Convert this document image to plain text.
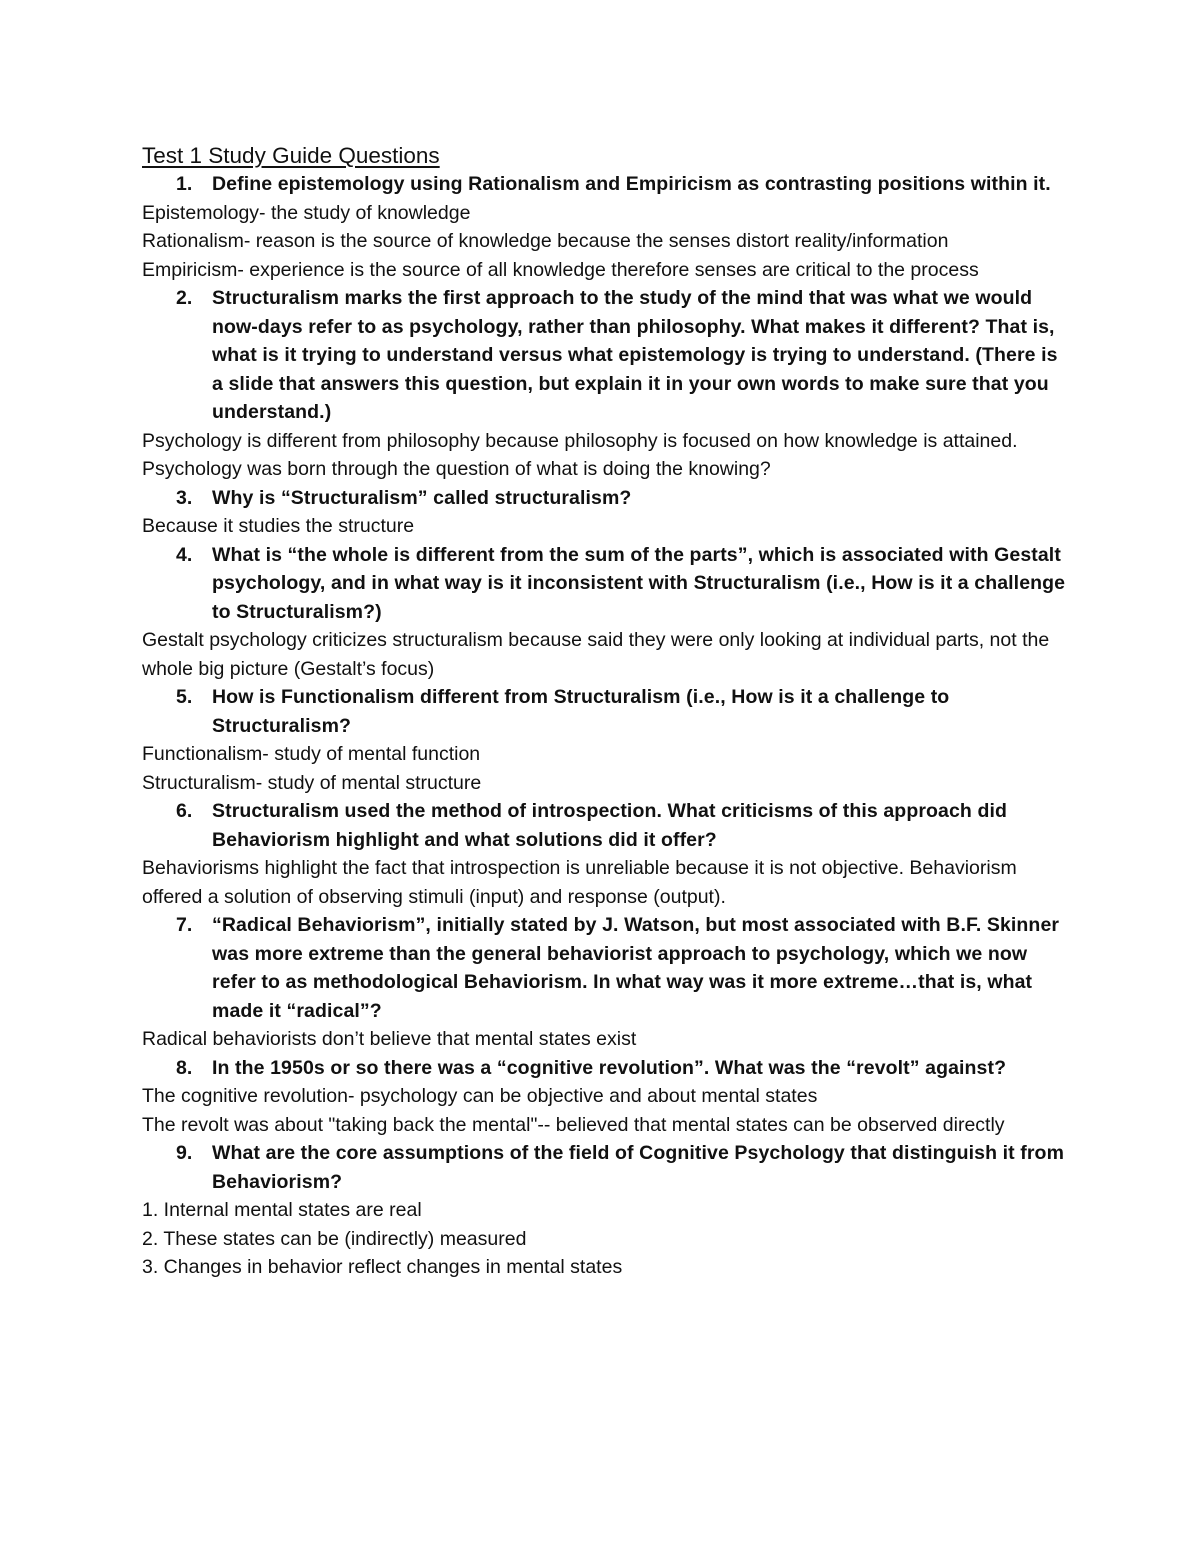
Test 1 Study Guide Questions
1.	Define epistemology using Rationalism and Empiricism as contrasting positions within it.
Epistemology- the study of knowledge
Rationalism- reason is the source of knowledge because the senses distort reality/information
Empiricism- experience is the source of all knowledge therefore senses are critical to the process
2.	Structuralism marks the first approach to the study of the mind that was what we would now-days refer to as psychology, rather than philosophy. What makes it different? That is, what is it trying to understand versus what epistemology is trying to understand. (There is a slide that answers this question, but explain it in your own words to make sure that you understand.)
Psychology is different from philosophy because philosophy is focused on how knowledge is attained. Psychology was born through the question of what is doing the knowing?
3.	Why is “Structuralism” called structuralism?
Because it studies the structure
4.	What is “the whole is different from the sum of the parts”, which is associated with Gestalt psychology, and in what way is it inconsistent with Structuralism (i.e., How is it a challenge to Structuralism?)
Gestalt psychology criticizes structuralism because said they were only looking at individual parts, not the whole big picture (Gestalt’s focus)
5.	How is Functionalism different from Structuralism (i.e., How is it a challenge to Structuralism?
Functionalism- study of mental function
Structuralism- study of mental structure
6.	Structuralism used the method of introspection. What criticisms of this approach did Behaviorism highlight and what solutions did it offer?
Behaviorisms highlight the fact that introspection is unreliable because it is not objective. Behaviorism offered a solution of observing stimuli (input) and response (output).
7.	“Radical Behaviorism”, initially stated by J. Watson, but most associated with B.F. Skinner was more extreme than the general behaviorist approach to psychology, which we now refer to as methodological Behaviorism. In what way was it more extreme…that is, what made it “radical”?
Radical behaviorists don’t believe that mental states exist
8.	In the 1950s or so there was a “cognitive revolution”. What was the “revolt” against?
The cognitive revolution- psychology can be objective and about mental states
The revolt was about "taking back the mental"-- believed that mental states can be observed directly
9.	What are the core assumptions of the field of Cognitive Psychology that distinguish it from Behaviorism?
1. Internal mental states are real
2. These states can be (indirectly) measured
3. Changes in behavior reflect changes in mental states
